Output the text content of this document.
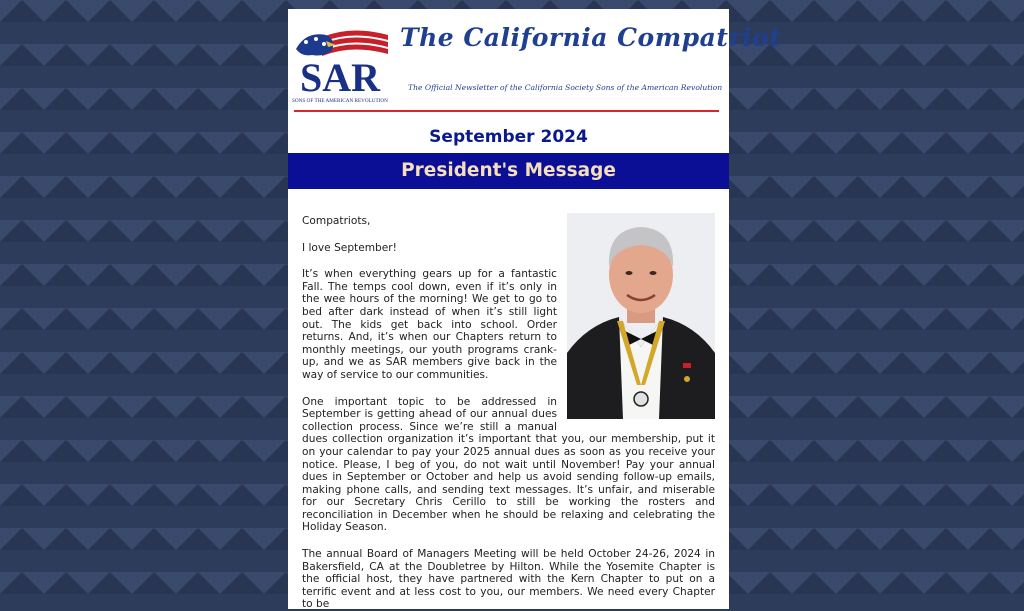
SAR
SONS OF THE AMERICAN REVOLUTION
The California Compatriot
The Official Newsletter of the California Society Sons of the American Revolution
September 2024
President's Message

Compatriots,

I love September!

It’s when everything gears up for a fantastic Fall. The temps cool down, even if it’s only in the wee hours of the morning! We get to go to bed after dark instead of when it’s still light out. The kids get back into school. Order returns. And, it’s when our Chapters return to monthly meetings, our youth programs crank-up, and we as SAR members give back in the way of service to our communities.

One important topic to be addressed in September is getting ahead of our annual dues collection process. Since we’re still a manual dues collection organization it’s important that you, our membership, put it on your calendar to pay your 2025 annual dues as soon as you receive your notice. Please, I beg of you, do not wait until November! Pay your annual dues in September or October and help us avoid sending follow-up emails, making phone calls, and sending text messages. It’s unfair, and miserable for our Secretary Chris Cerillo to still be working the rosters and reconciliation in December when he should be relaxing and celebrating the Holiday Season.

The annual Board of Managers Meeting will be held October 24-26, 2024 in Bakersfield, CA at the Doubletree by Hilton. While the Yosemite Chapter is the official host, they have partnered with the Kern Chapter to put on a terrific event and at less cost to you, our members. We need every Chapter to be
